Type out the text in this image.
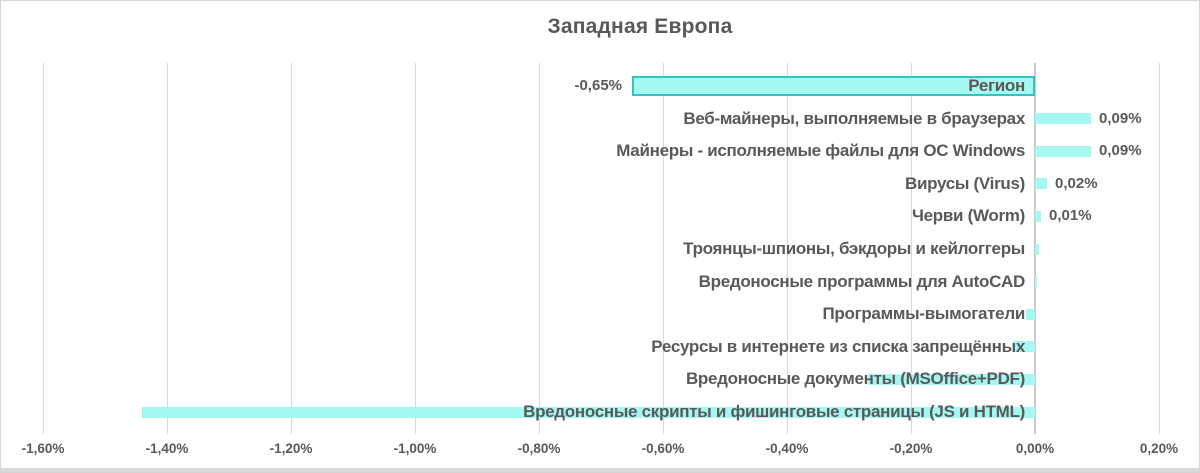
Западная Европа
-1,60%	-1,40%	-1,20%	-1,00%	-0,80%	-0,60%	-0,40%	-0,20%	0,00%	0,20%
Регион
-0,65%
Веб-майнеры, выполняемые в браузерах	0,09%
Майнеры - исполняемые файлы для ОС Windows	0,09%
Вирусы (Virus) 0,02%
Черви (Worm) 0,01%
Троянцы-шпионы, бэкдоры и кейлоггеры
Вредоносные программы для AutoCAD
Программы-вымогатели
Ресурсы в интернете из списка запрещённых
Вредоносные документы (MSOffice+PDF)
Вредоносные скрипты и фишинговые страницы (JS и HTML)
